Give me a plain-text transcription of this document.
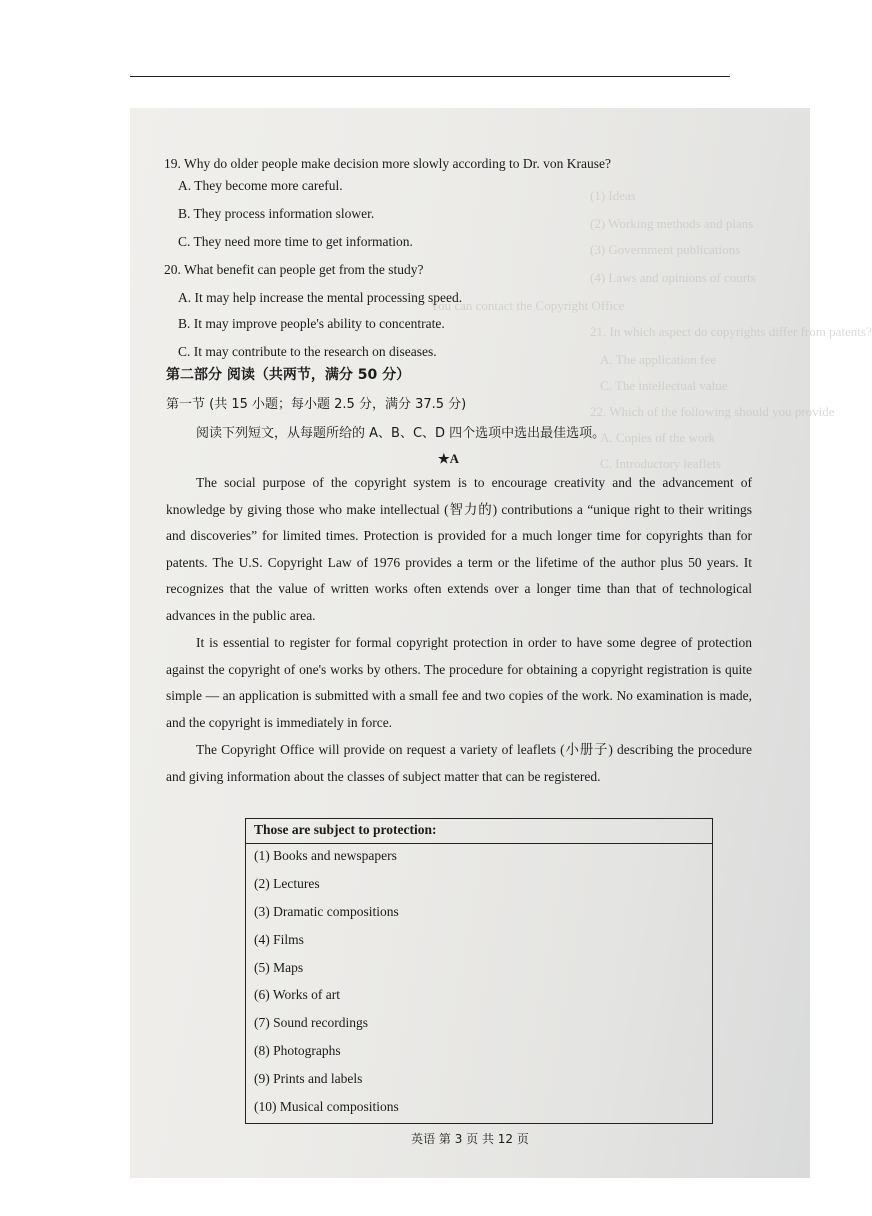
(1) Ideas
(2) Working methods and plans
(3) Government publications
(4) Laws and opinions of courts
You can contact the Copyright Office
21. In which aspect do copyrights differ from patents?
A. The application fee
C. The intellectual value
22. Which of the following should you provide
A. Copies of the work
C. Introductory leaflets
19. Why do older people make decision more slowly according to Dr. von Krause?
A. They become more careful.
B. They process information slower.
C. They need more time to get information.
20. What benefit can people get from the study?
A. It may help increase the mental processing speed.
B. It may improve people's ability to concentrate.
C. It may contribute to the research on diseases.
第二部分 阅读（共两节，满分 50 分）
第一节 (共 15 小题；每小题 2.5 分，满分 37.5 分)
阅读下列短文，从每题所给的 A、B、C、D 四个选项中选出最佳选项。
★A

The social purpose of the copyright system is to encourage creativity and the advancement of knowledge by giving those who make intellectual (智力的) contributions a “unique right to their writings and discoveries” for limited times. Protection is provided for a much longer time for copyrights than for patents. The U.S. Copyright Law of 1976 provides a term or the lifetime of the author plus 50 years. It recognizes that the value of written works often extends over a longer time than that of technological advances in the public area.

It is essential to register for formal copyright protection in order to have some degree of protection against the copyright of one's works by others. The procedure for obtaining a copyright registration is quite simple — an application is submitted with a small fee and two copies of the work. No examination is made, and the copyright is immediately in force.

The Copyright Office will provide on request a variety of leaflets (小册子) describing the procedure and giving information about the classes of subject matter that can be registered.

Those are subject to protection:
(1) Books and newspapers
(2) Lectures
(3) Dramatic compositions
(4) Films
(5) Maps
(6) Works of art
(7) Sound recordings
(8) Photographs
(9) Prints and labels
(10) Musical compositions
英语 第 3 页 共 12 页
